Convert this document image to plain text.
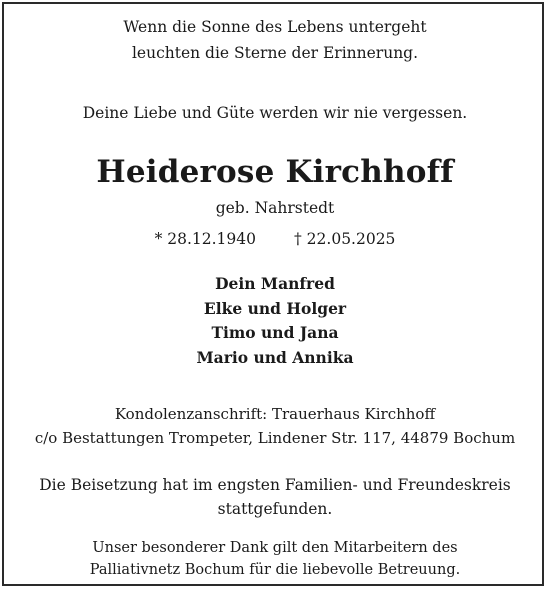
Wenn die Sonne des Lebens untergeht
leuchten die Sterne der Erinnerung.
Deine Liebe und Güte werden wir nie vergessen.
Heiderose Kirchhoff
geb. Nahrstedt
* 28.12.1940 † 22.05.2025
Dein Manfred
Elke und Holger
Timo und Jana
Mario und Annika
Kondolenzanschrift: Trauerhaus Kirchhoff
c/o Bestattungen Trompeter, Lindener Str. 117, 44879 Bochum
Die Beisetzung hat im engsten Familien- und Freundeskreis
stattgefunden.
Unser besonderer Dank gilt den Mitarbeitern des
Palliativnetz Bochum für die liebevolle Betreuung.
